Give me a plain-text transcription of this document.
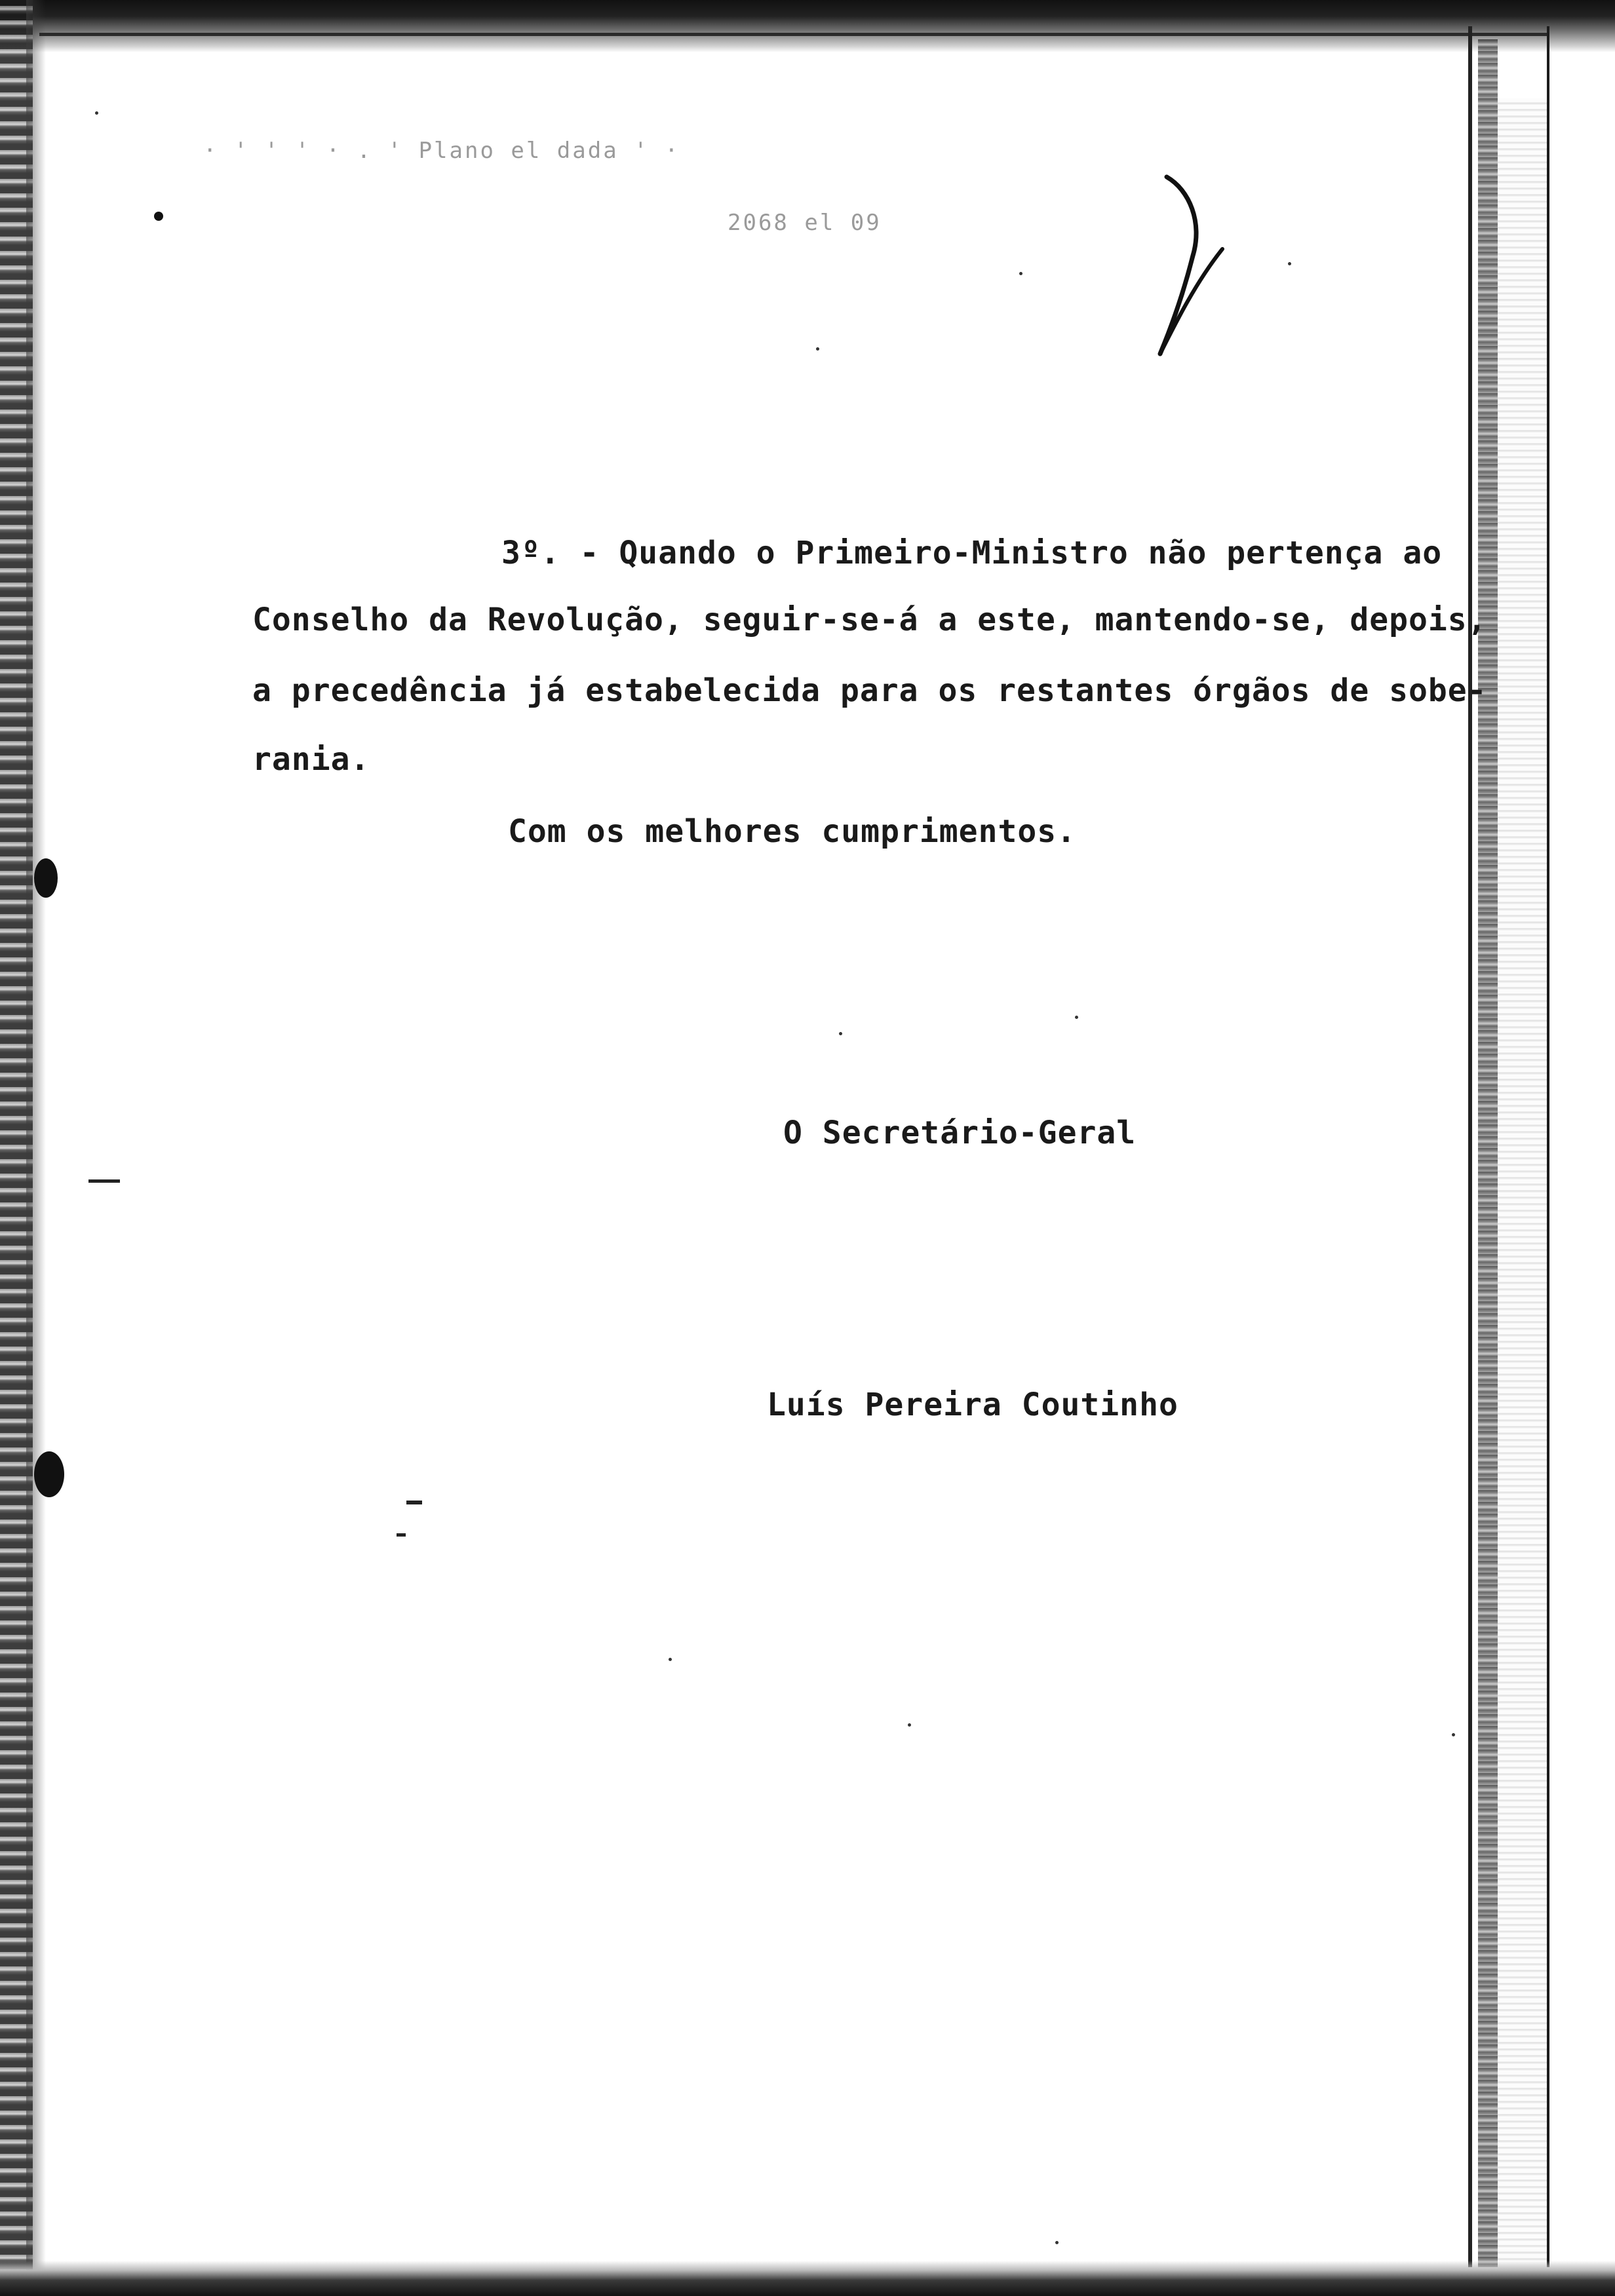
· ' ' ' · . ' Plano el dada ' ·
2068 el 09
3º. - Quando o Primeiro-Ministro não pertença ao
Conselho da Revolução, seguir-se-á a este, mantendo-se, depois,
a precedência já estabelecida para os restantes órgãos de sobe-
rania.
Com os melhores cumprimentos.
O Secretário-Geral
Luís Pereira Coutinho
